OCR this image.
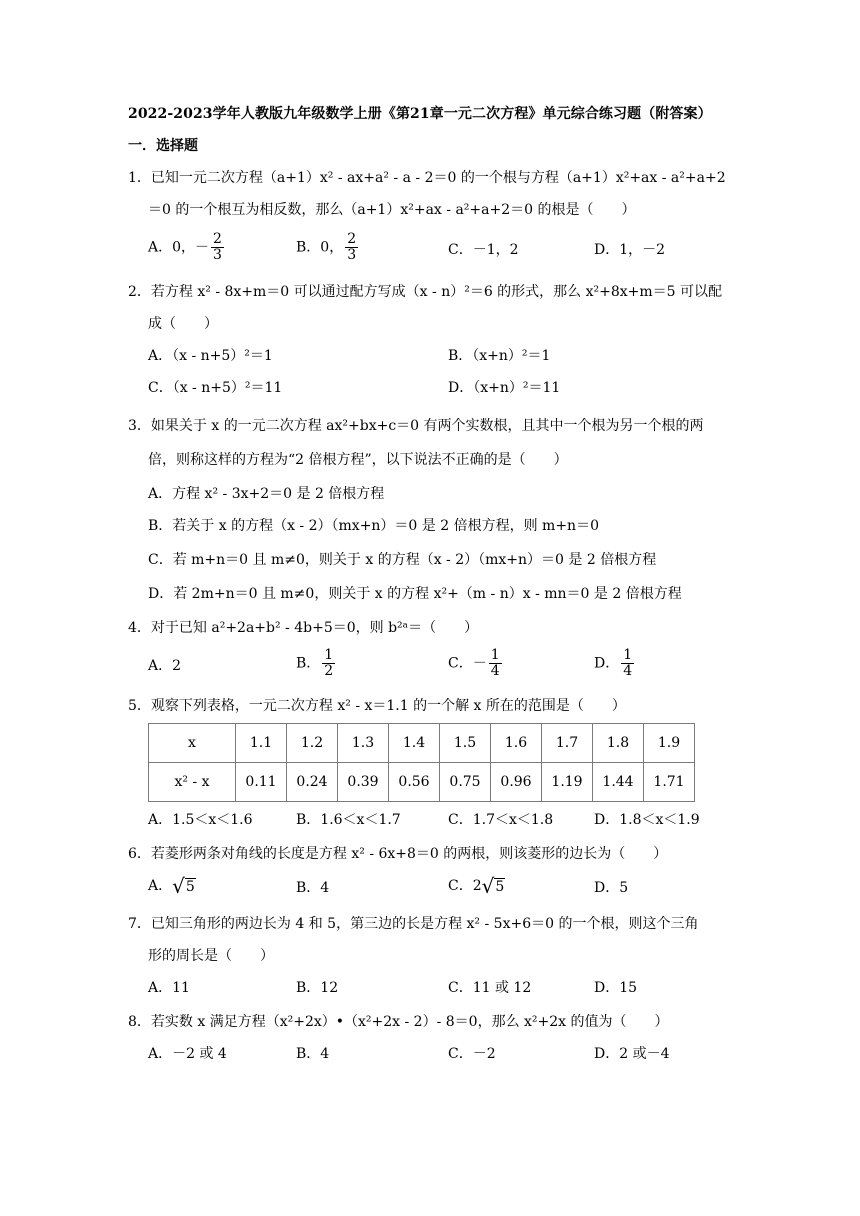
2022-2023学年人教版九年级数学上册《第21章一元二次方程》单元综合练习题（附答案）
一．选择题
1．已知一元二次方程（a+1）x² - ax+a² - a - 2＝0 的一个根与方程（a+1）x²+ax - a²+a+2
＝0 的一个根互为相反数，那么（a+1）x²+ax - a²+a+2＝0 的根是（　　）
A．0，－ $\frac{2}{3}$	B．0， $\frac{2}{3}$	C．－1，2	D．1，－2
2．若方程 x² - 8x+m＝0 可以通过配方写成（x - n）²＝6 的形式，那么 x²+8x+m＝5 可以配
成（　　）
A．（x - n+5）²＝1	B．（x+n）²＝1
C．（x - n+5）²＝11	D．（x+n）²＝11
3．如果关于 x 的一元二次方程 ax²+bx+c＝0 有两个实数根，且其中一个根为另一个根的两
倍，则称这样的方程为“2 倍根方程”，以下说法不正确的是（　　）
A．方程 x² - 3x+2＝0 是 2 倍根方程
B．若关于 x 的方程（x - 2）（mx+n）＝0 是 2 倍根方程，则 m+n＝0
C．若 m+n＝0 且 m≠0，则关于 x 的方程（x - 2）（mx+n）＝0 是 2 倍根方程
D．若 2m+n＝0 且 m≠0，则关于 x 的方程 x²+（m - n）x - mn＝0 是 2 倍根方程
4．对于已知 a²+2a+b² - 4b+5＝0，则 b²ᵃ＝（　　）
A．2	B． $\frac{1}{2}$	C．－ $\frac{1}{4}$	D． $\frac{1}{4}$
5．观察下列表格，一元二次方程 x² - x＝1.1 的一个解 x 所在的范围是（　　）
x	1.1	1.2	1.3	1.4	1.5	1.6	1.7	1.8	1.9
x² - x	0.11	0.24	0.39	0.56	0.75	0.96	1.19	1.44	1.71
A．1.5＜x＜1.6	B．1.6＜x＜1.7	C．1.7＜x＜1.8	D．1.8＜x＜1.9
6．若菱形两条对角线的长度是方程 x² - 6x+8＝0 的两根，则该菱形的边长为（　　）
A． √ 5	B．4	C．2 √ 5	D．5
7．已知三角形的两边长为 4 和 5，第三边的长是方程 x² - 5x+6＝0 的一个根，则这个三角
形的周长是（　　）
A．11	B．12	C．11 或 12	D．15
8．若实数 x 满足方程（x²+2x）•（x²+2x - 2）- 8＝0，那么 x²+2x 的值为（　　）
A．－2 或 4	B．4	C．－2	D．2 或－4
